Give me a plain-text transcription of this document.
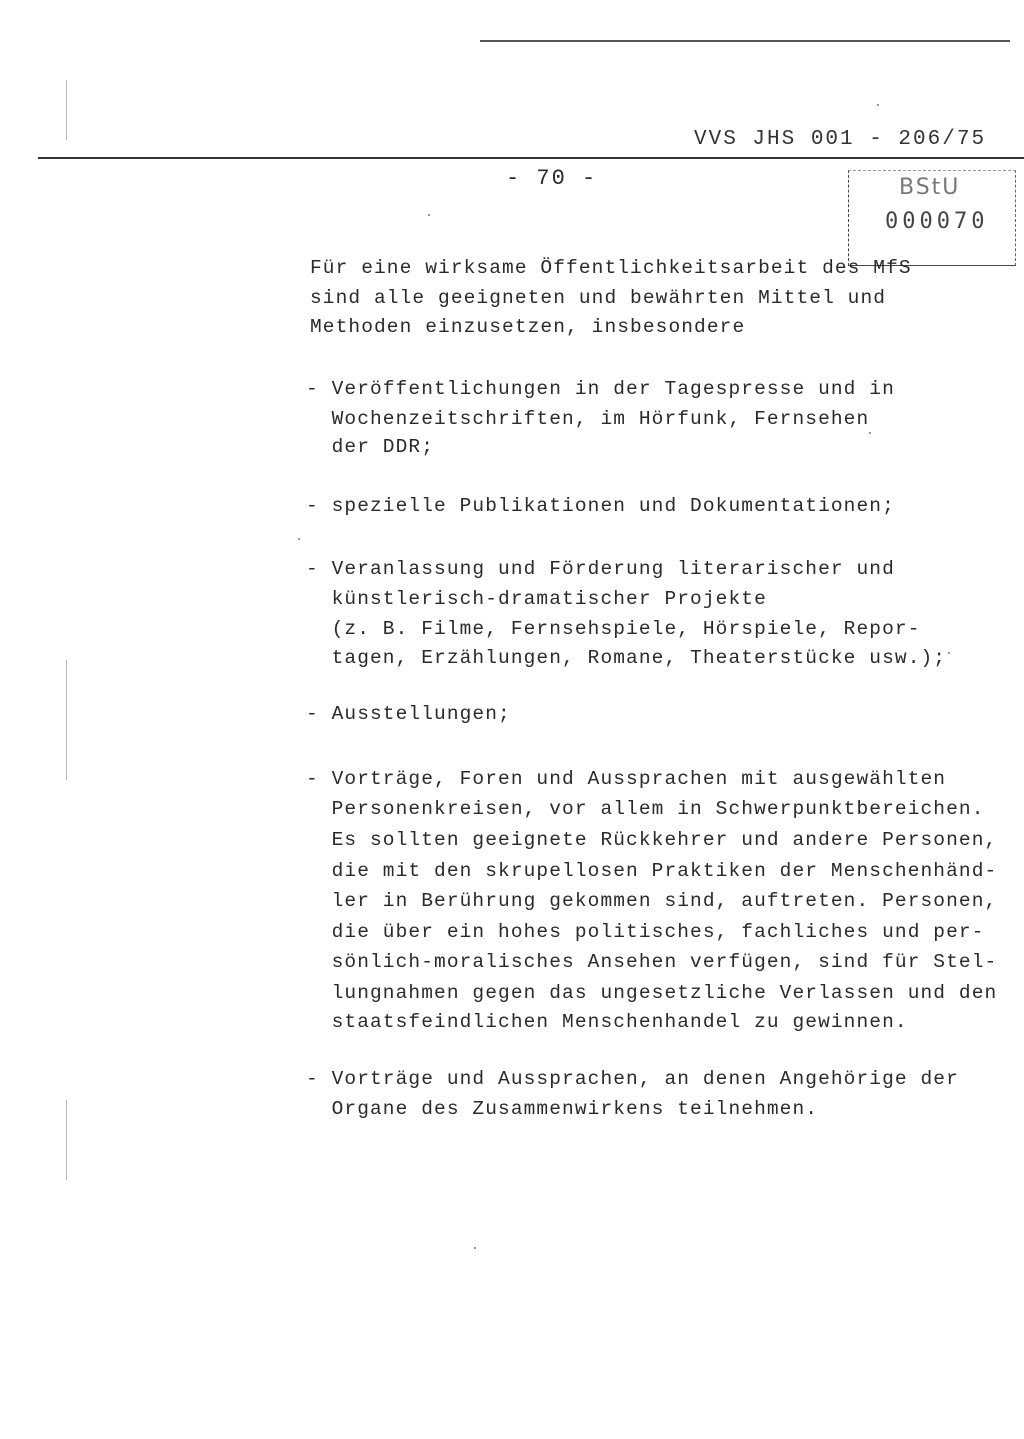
VVS JHS 001 - 206/75
- 70 -	BStU
000070
Für eine wirksame Öffentlichkeitsarbeit des MfS
sind alle geeigneten und bewährten Mittel und
Methoden einzusetzen, insbesondere
- Veröffentlichungen in der Tagespresse und in
Wochenzeitschriften, im Hörfunk, Fernsehen
der DDR;
- spezielle Publikationen und Dokumentationen;
- Veranlassung und Förderung literarischer und
künstlerisch-dramatischer Projekte
(z. B. Filme, Fernsehspiele, Hörspiele, Repor-
tagen, Erzählungen, Romane, Theaterstücke usw.);
- Ausstellungen;
- Vorträge, Foren und Aussprachen mit ausgewählten
Personenkreisen, vor allem in Schwerpunktbereichen.
Es sollten geeignete Rückkehrer und andere Personen,
die mit den skrupellosen Praktiken der Menschenhänd-
ler in Berührung gekommen sind, auftreten. Personen,
die über ein hohes politisches, fachliches und per-
sönlich-moralisches Ansehen verfügen, sind für Stel-
lungnahmen gegen das ungesetzliche Verlassen und den
staatsfeindlichen Menschenhandel zu gewinnen.
- Vorträge und Aussprachen, an denen Angehörige der
Organe des Zusammenwirkens teilnehmen.
